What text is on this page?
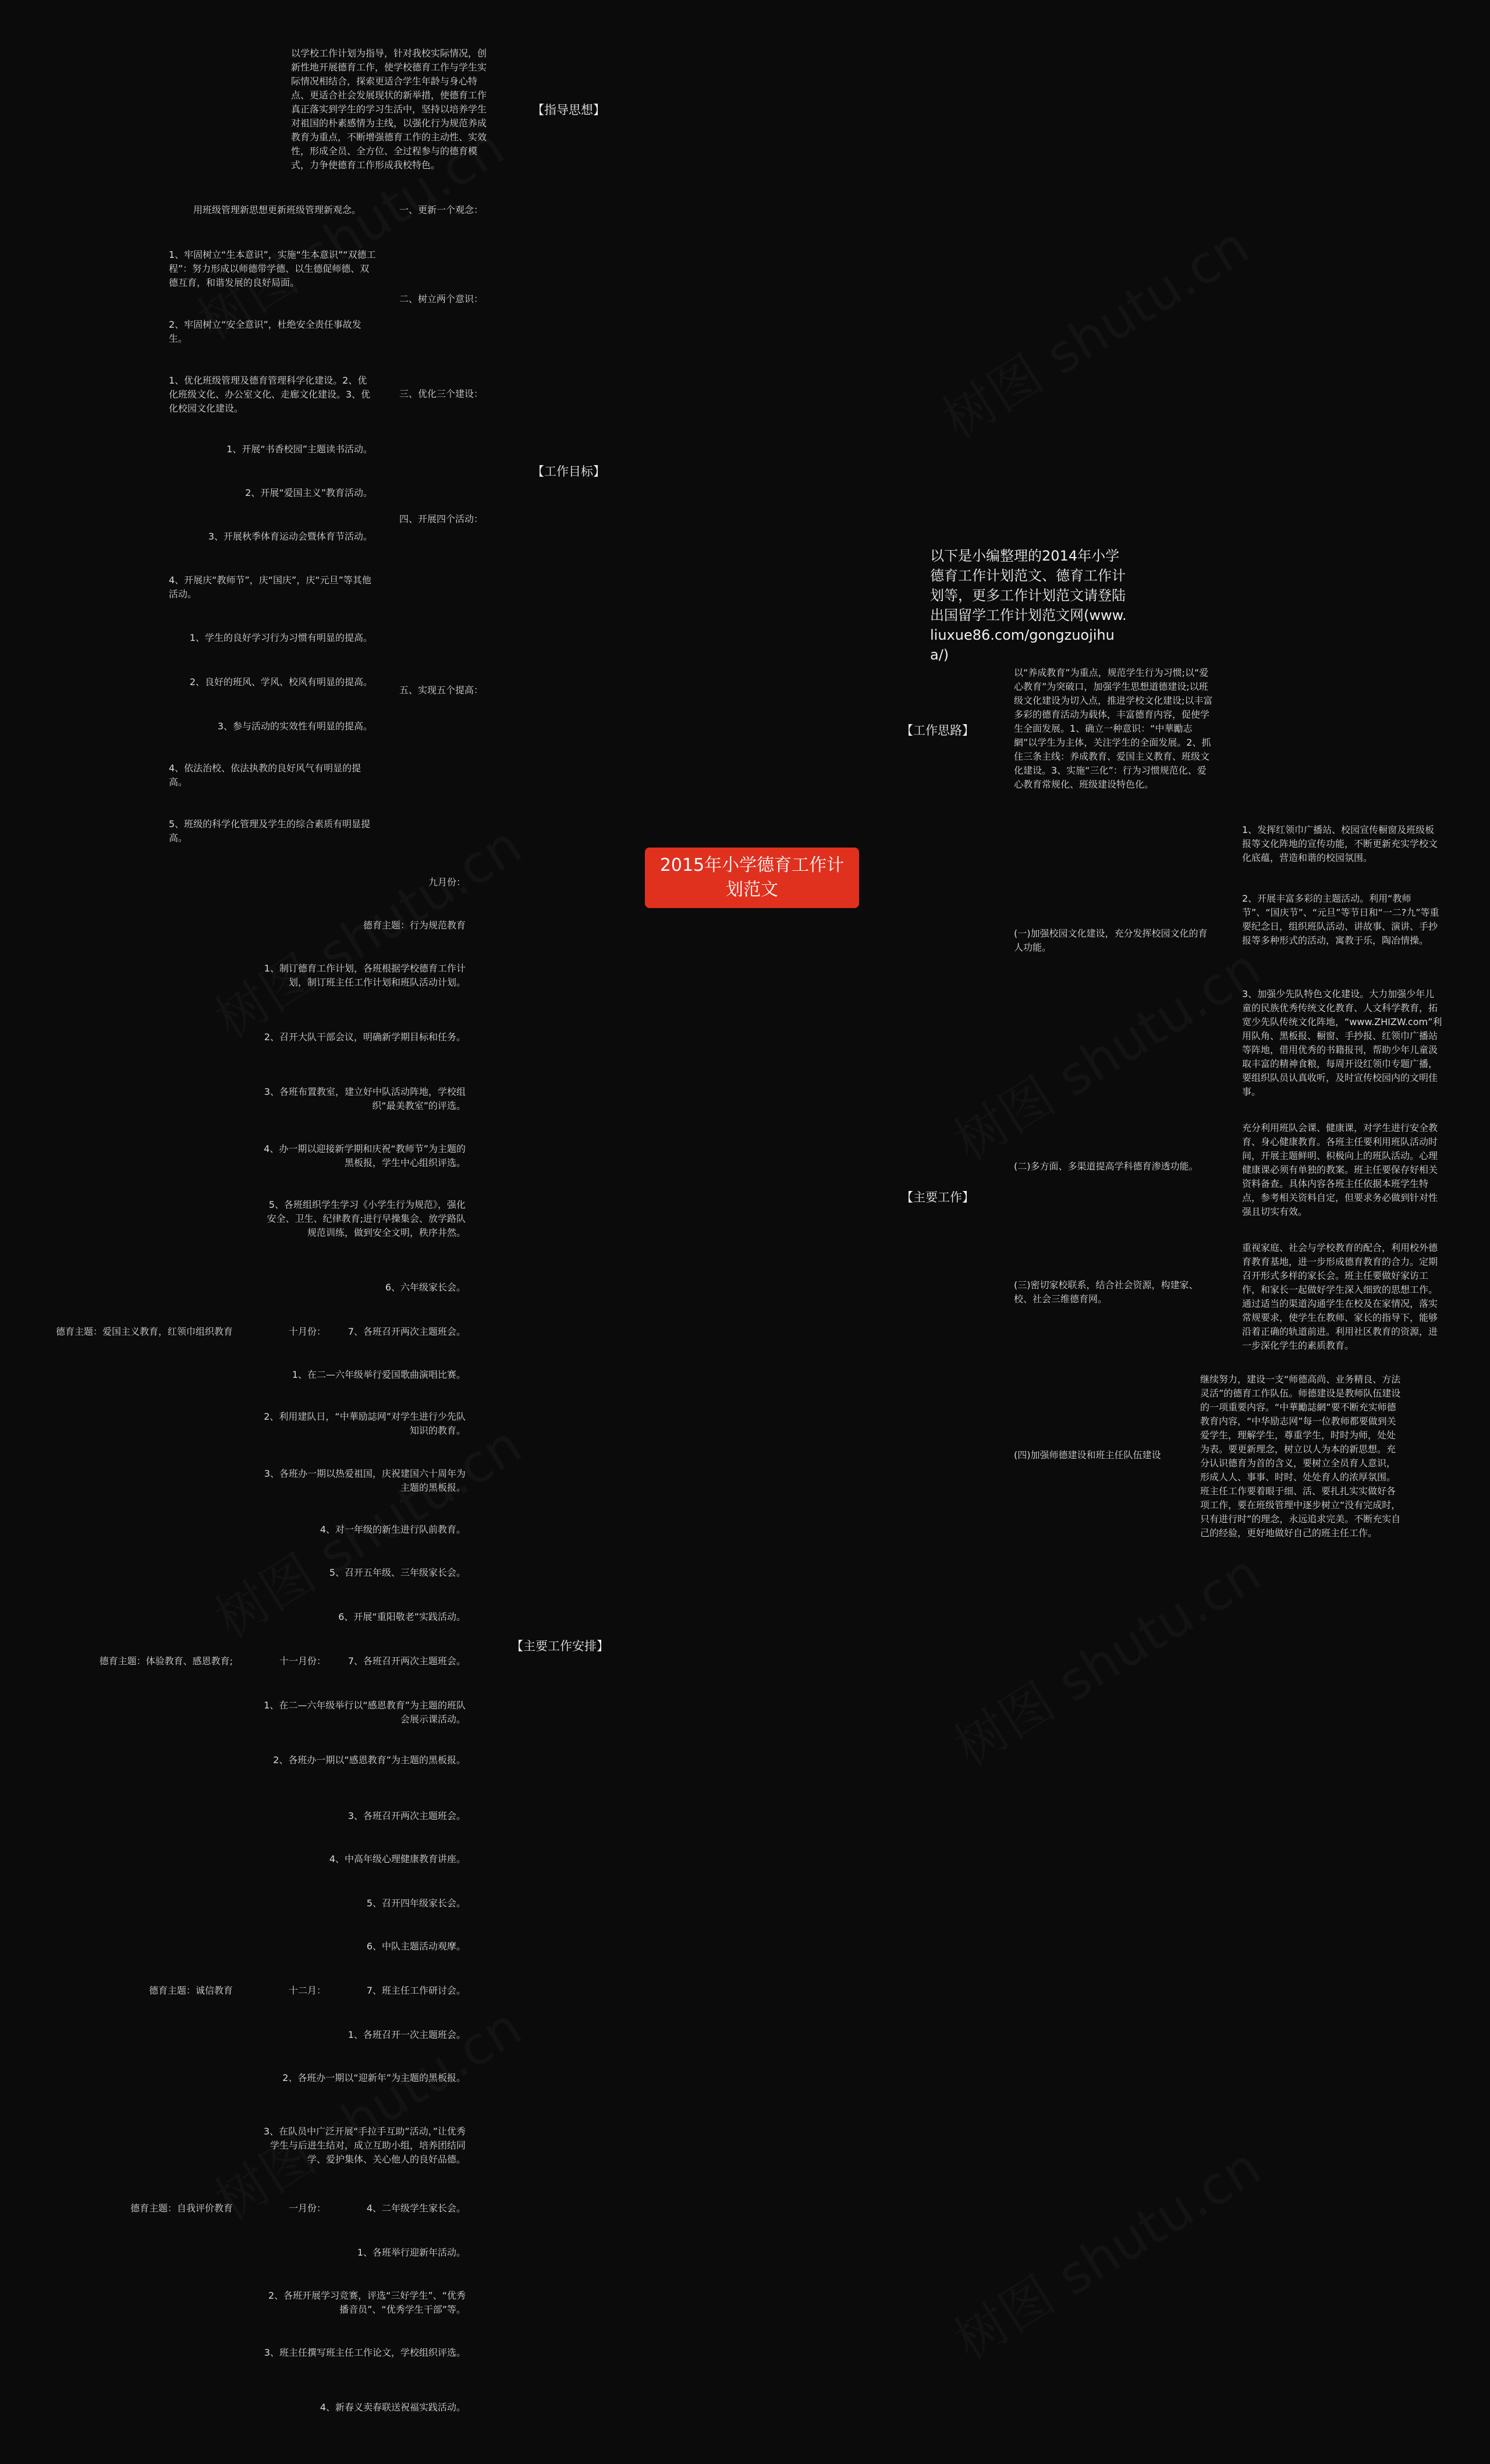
2015年小学德育工作计划范文
以下是小编整理的2014年小学德育工作计划范文、德育工作计划等，更多工作计划范文请登陆出国留学工作计划范文网(www.liuxue86.com/gongzuojihua/)
【指导思想】
以学校工作计划为指导，针对我校实际情况，创新性地开展德育工作，使学校德育工作与学生实际情况相结合，探索更适合学生年龄与身心特点、更适合社会发展现状的新举措，使德育工作真正落实到学生的学习生活中，坚持以培养学生对祖国的朴素感情为主线，以强化行为规范养成教育为重点，不断增强德育工作的主动性、实效性，形成全员、全方位、全过程参与的德育模式，力争使德育工作形成我校特色。
【工作目标】
一、更新一个观念：
用班级管理新思想更新班级管理新观念。
二、树立两个意识：
1、牢固树立“生本意识”，实施“生本意识”“双德工程”：努力形成以师德带学德、以生德促师德、双德互育，和谐发展的良好局面。
2、牢固树立“安全意识”，杜绝安全责任事故发生。
三、优化三个建设：
1、优化班级管理及德育管理科学化建设。2、优化班级文化、办公室文化、走廊文化建设。3、优化校园文化建设。
四、开展四个活动：
1、开展“书香校园”主题读书活动。
2、开展“爱国主义”教育活动。
3、开展秋季体育运动会暨体育节活动。
4、开展庆“教师节”，庆“国庆”，庆“元旦”等其他活动。
五、实现五个提高：
1、学生的良好学习行为习惯有明显的提高。
2、良好的班风、学风、校风有明显的提高。
3、参与活动的实效性有明显的提高。
4、依法治校、依法执教的良好风气有明显的提高。
5、班级的科学化管理及学生的综合素质有明显提高。
【主要工作安排】
九月份：
德育主题：行为规范教育
1、制订德育工作计划，各班根据学校德育工作计划，制订班主任工作计划和班队活动计划。
2、召开大队干部会议，明确新学期目标和任务。
3、各班布置教室，建立好中队活动阵地，学校组织“最美教室”的评选。
4、办一期以迎接新学期和庆祝“教师节”为主题的黑板报，学生中心组织评选。
5、各班组织学生学习《小学生行为规范》，强化安全、卫生、纪律教育;进行早操集会、放学路队规范训练，做到安全文明，秩序井然。
6、六年级家长会。
7、各班召开两次主题班会。
十月份：
德育主题：爱国主义教育，红领巾组织教育
1、在二—六年级举行爱国歌曲演唱比赛。
2、利用建队日，“中華励誌网”对学生进行少先队知识的教育。
3、各班办一期以热爱祖国，庆祝建国六十周年为主题的黑板报。
4、对一年级的新生进行队前教育。
5、召开五年级、三年级家长会。
6、开展“重阳敬老”实践活动。
7、各班召开两次主题班会。
十一月份：
德育主题：体验教育、感恩教育;
1、在二—六年级举行以“感恩教育”为主题的班队会展示课活动。
2、各班办一期以“感恩教育”为主题的黑板报。
3、各班召开两次主题班会。
4、中高年级心理健康教育讲座。
5、召开四年级家长会。
6、中队主题活动观摩。
7、班主任工作研讨会。
十二月：
德育主题：诚信教育
1、各班召开一次主题班会。
2、各班办一期以“迎新年”为主题的黑板报。
3、在队员中广泛开展“手拉手互助”活动，”让优秀学生与后进生结对，成立互助小组，培养团结同学、爱护集体、关心他人的良好品德。
4、二年级学生家长会。
一月份：
德育主题：自我评价教育
1、各班举行迎新年活动。
2、各班开展学习竞赛，评选“三好学生”、“优秀播音员”、“优秀学生干部”等。
3、班主任撰写班主任工作论文，学校组织评选。
4、新春义卖春联送祝福实践活动。
【工作思路】
以“养成教育”为重点，规范学生行为习惯;以“爱心教育”为突破口，加强学生思想道德建设;以班级文化建设为切入点，推进学校文化建设;以丰富多彩的德育活动为载体，丰富德育内容，促使学生全面发展。1、确立一种意识：“中華勵志網”以学生为主体，关注学生的全面发展。2、抓住三条主线：养成教育、爱国主义教育、班级文化建设。3、实施“三化”：行为习惯规范化、爱心教育常规化、班级建设特色化。
【主要工作】
(一)加强校园文化建设，充分发挥校园文化的育人功能。
1、发挥红领巾广播站、校园宣传橱窗及班级板报等文化阵地的宣传功能，不断更新充实学校文化底蕴，营造和谐的校园氛围。
2、开展丰富多彩的主题活动。利用“教师节”、“国庆节”、“元旦”等节日和“一二?九”等重要纪念日，组织班队活动、讲故事、演讲、手抄报等多种形式的活动，寓教于乐，陶冶情操。
3、加强少先队特色文化建设。大力加强少年儿童的民族优秀传统文化教育、人文科学教育，拓宽少先队传统文化阵地，“www.ZHIZW.com”利用队角、黑板报、橱窗、手抄报、红领巾广播站等阵地，借用优秀的书籍报刊，帮助少年儿童汲取丰富的精神食粮，每周开设红领巾专题广播，要组织队员认真收听，及时宣传校园内的文明佳事。
(二)多方面、多渠道提高学科德育渗透功能。
充分利用班队会课、健康课，对学生进行安全教育、身心健康教育。各班主任要利用班队活动时间，开展主题鲜明、积极向上的班队活动。心理健康课必须有单独的教案。班主任要保存好相关资料备查。具体内容各班主任依据本班学生特点，参考相关资料自定，但要求务必做到针对性强且切实有效。
(三)密切家校联系，结合社会资源，构建家、校、社会三维德育网。
重视家庭、社会与学校教育的配合，利用校外德育教育基地，进一步形成德育教育的合力。定期召开形式多样的家长会。班主任要做好家访工作，和家长一起做好学生深入细致的思想工作。通过适当的渠道沟通学生在校及在家情况，落实常规要求，使学生在教师、家长的指导下，能够沿着正确的轨道前进。利用社区教育的资源，进一步深化学生的素质教育。
(四)加强师德建设和班主任队伍建设
继续努力，建设一支“师德高尚、业务精良、方法灵活”的德育工作队伍。师德建设是教师队伍建设的一项重要内容。“中華勵誌網”要不断充实师德教育内容，“中华励志网”每一位教师都要做到关爱学生，理解学生，尊重学生，时时为师，处处为表。要更新理念，树立以人为本的新思想。充分认识德育为首的含义，要树立全员育人意识，形成人人、事事、时时、处处育人的浓厚氛围。班主任工作要着眼于细、活、要扎扎实实做好各项工作，要在班级管理中逐步树立“没有完成时，只有进行时”的理念，永远追求完美。不断充实自己的经验，更好地做好自己的班主任工作。
